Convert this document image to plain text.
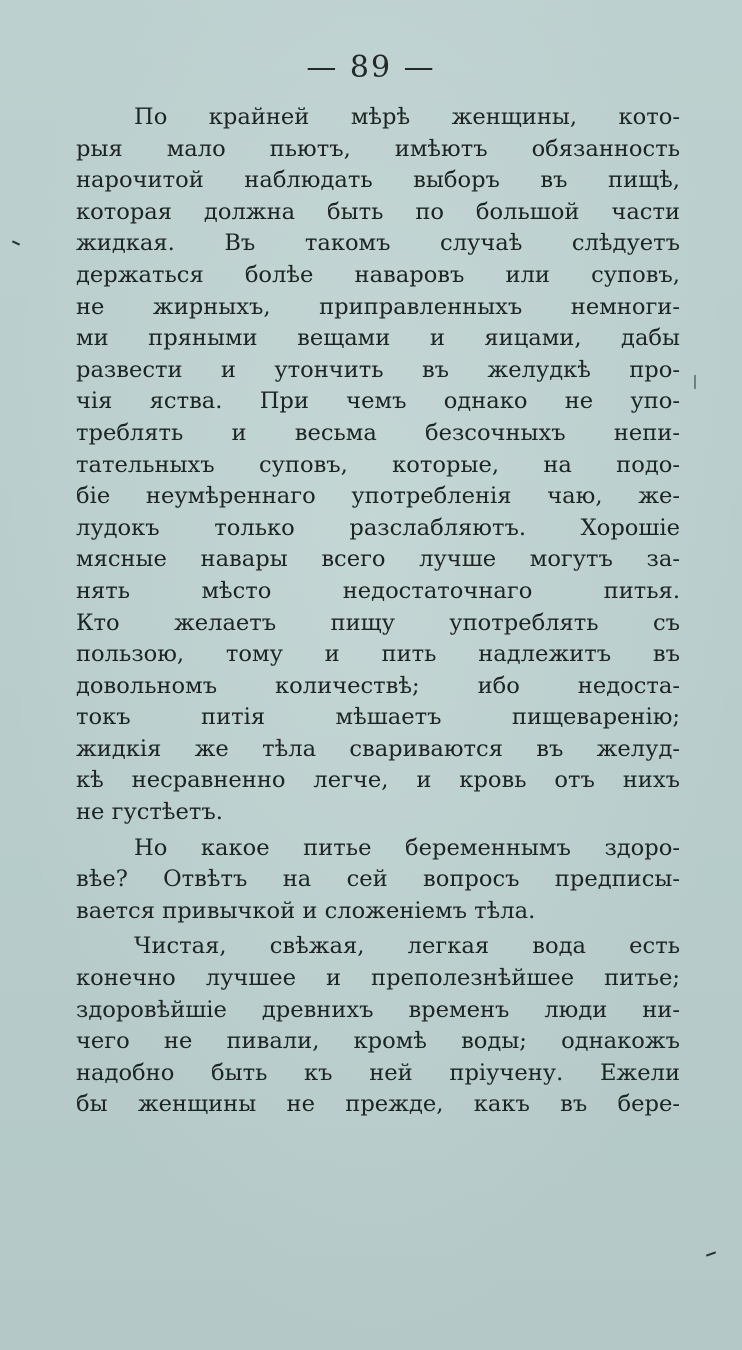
— 89 —
По крайней мѣрѣ женщины, кото-
рыя мало пьютъ, имѣютъ обязанность
нарочитой наблюдать выборъ въ пищѣ,
которая должна быть по большой части
жидкая. Въ такомъ случаѣ слѣдуетъ
держаться болѣе наваровъ или суповъ,
не жирныхъ, приправленныхъ немноги-
ми пряными вещами и яицами, дабы
развести и утончить въ желудкѣ про-
чія яства. При чемъ однако не упо-
треблять и весьма безсочныхъ непи-
тательныхъ суповъ, которые, на подо-
біе неумѣреннаго употребленія чаю, же-
лудокъ только разслабляютъ. Хорошіе
мясные навары всего лучше могутъ за-
нять мѣсто недостаточнаго питья.
Кто желаетъ пищу употреблять съ
пользою, тому и пить надлежитъ въ
довольномъ количествѣ; ибо недоста-
токъ питія мѣшаетъ пищеваренію;
жидкія же тѣла свариваются въ желуд-
кѣ несравненно легче, и кровь отъ нихъ
не густѣетъ.
Но какое питье беременнымъ здоро-
вѣе? Отвѣтъ на сей вопросъ предписы-
вается привычкой и сложеніемъ тѣла.
Чистая, свѣжая, легкая вода есть
конечно лучшее и преполезнѣйшее питье;
здоровѣйшіе древнихъ временъ люди ни-
чего не пивали, кромѣ воды; однакожъ
надобно быть къ ней пріучену. Ежели
бы женщины не прежде, какъ въ бере-
